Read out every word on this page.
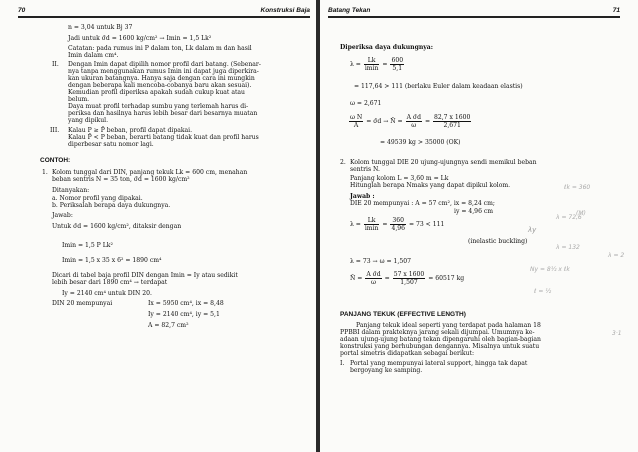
70	Konstruksi Baja
n = 3,04 untuk Bj 37
Jadi untuk σ̄d = 1600 kg/cm² → Imin = 1,5 Lk²
Catatan: pada rumus ini P dalam ton, Lk dalam m dan hasil
Imin dalam cm⁴.
II. Dengan Imin dapat dipilih nomor profil dari batang. (Sebenar-
nya tanpa menggunakan rumus Imin ini dapat juga diperkira-
kan ukuran batangnya. Hanya saja dengan cara ini mungkin
dengan beberapa kali mencoba-cobanya baru akan sesuai).
Kemudian profil diperiksa apakah sudah cukup kuat atau
belum.
Daya muat profil terhadap sumbu yang terlemah harus di-
periksa dan hasilnya harus lebih besar dari besarnya muatan
yang dipikul.
III. Kalau P ≥ P̄ beban, profil dapat dipakai.
Kalau P̄ < P beban, berarti batang tidak kuat dan profil harus
diperbesar satu nomor lagi.
CONTOH:
1. Kolom tunggal dari DIN, panjang tekuk Lk = 600 cm, menahan
beban sentris N = 35 ton, σ̄d = 1600 kg/cm²
Ditanyakan:
a. Nomor profil yang dipakai.
b. Periksalah berapa daya dukungnya.
Jawab:
Untuk σ̄d = 1600 kg/cm², ditaksir dengan
Imin = 1,5 P Lk²
Imin = 1,5 x 35 x 6² = 1890 cm⁴
Dicari di tabel baja profil DIN dengan Imin = Iy atau sedikit
lebih besar dari 1890 cm⁴ → terdapat
Iy = 2140 cm⁴ untuk DIN 20.
DIN 20 mempunyai	Ix = 5950 cm⁴, ix = 8,48
Iy = 2140 cm⁴, iy = 5,1
A = 82,7 cm²
Batang Tekan	71
Diperiksa daya dukungnya:
$\lambda = \frac{Lk}{imin} = \frac{600}{5,1}$
= 117,64 > 111 (berlaku Euler dalam keadaan elastis)
ω = 2,671
$\frac{\text{ω N}}{A}$ = σ̄d → N̄ = $\frac{\text{A σ̄d}}{\omega} = \frac{82,7 x 1600}{2,671}$
= 49539 kg > 35000 (OK)
2. Kolom tunggal DIE 20 ujung-ujungnya sendi memikul beban
sentris N.
Panjang kolom L = 3,60 m = Lk
Hitunglah berapa Nmaks yang dapat dipikul kolom.
Jawab :
DIE 20 mempunyai : A = 57 cm², ix = 8,24 cm;
iy = 4,96 cm
$\lambda = \frac{Lk}{imin} = \frac{360}{4,96} = 73 < 111$
(inelastic buckling)
λ = 73 → ω = 1,507
N̄ = $\frac{\text{A σ̄d}}{\omega} = \frac{57 x 1600}{1,507} = 60517$ kg
PANJANG TEKUK (EFFECTIVE LENGTH)
Panjang tekuk ideal seperti yang terdapat pada halaman 18
PPBBI dalam prakteknya jarang sekali dijumpai. Umumnya ke-
adaan ujung-ujung batang tekan dipengaruhi oleh bagian-bagian
konstruksi yang berhubungan dengannya. Misalnya untuk suatu
portal simetris didapatkan sebagai berikut:
I. Portal yang mempunyai lateral support, hingga tak dapat
bergoyang ke samping.
ℓk = 360
λ = 72,6
λy
λ = 132
Ny = 8½ x ℓk
ℓ = ½
(M)
λ = 2
3·1
